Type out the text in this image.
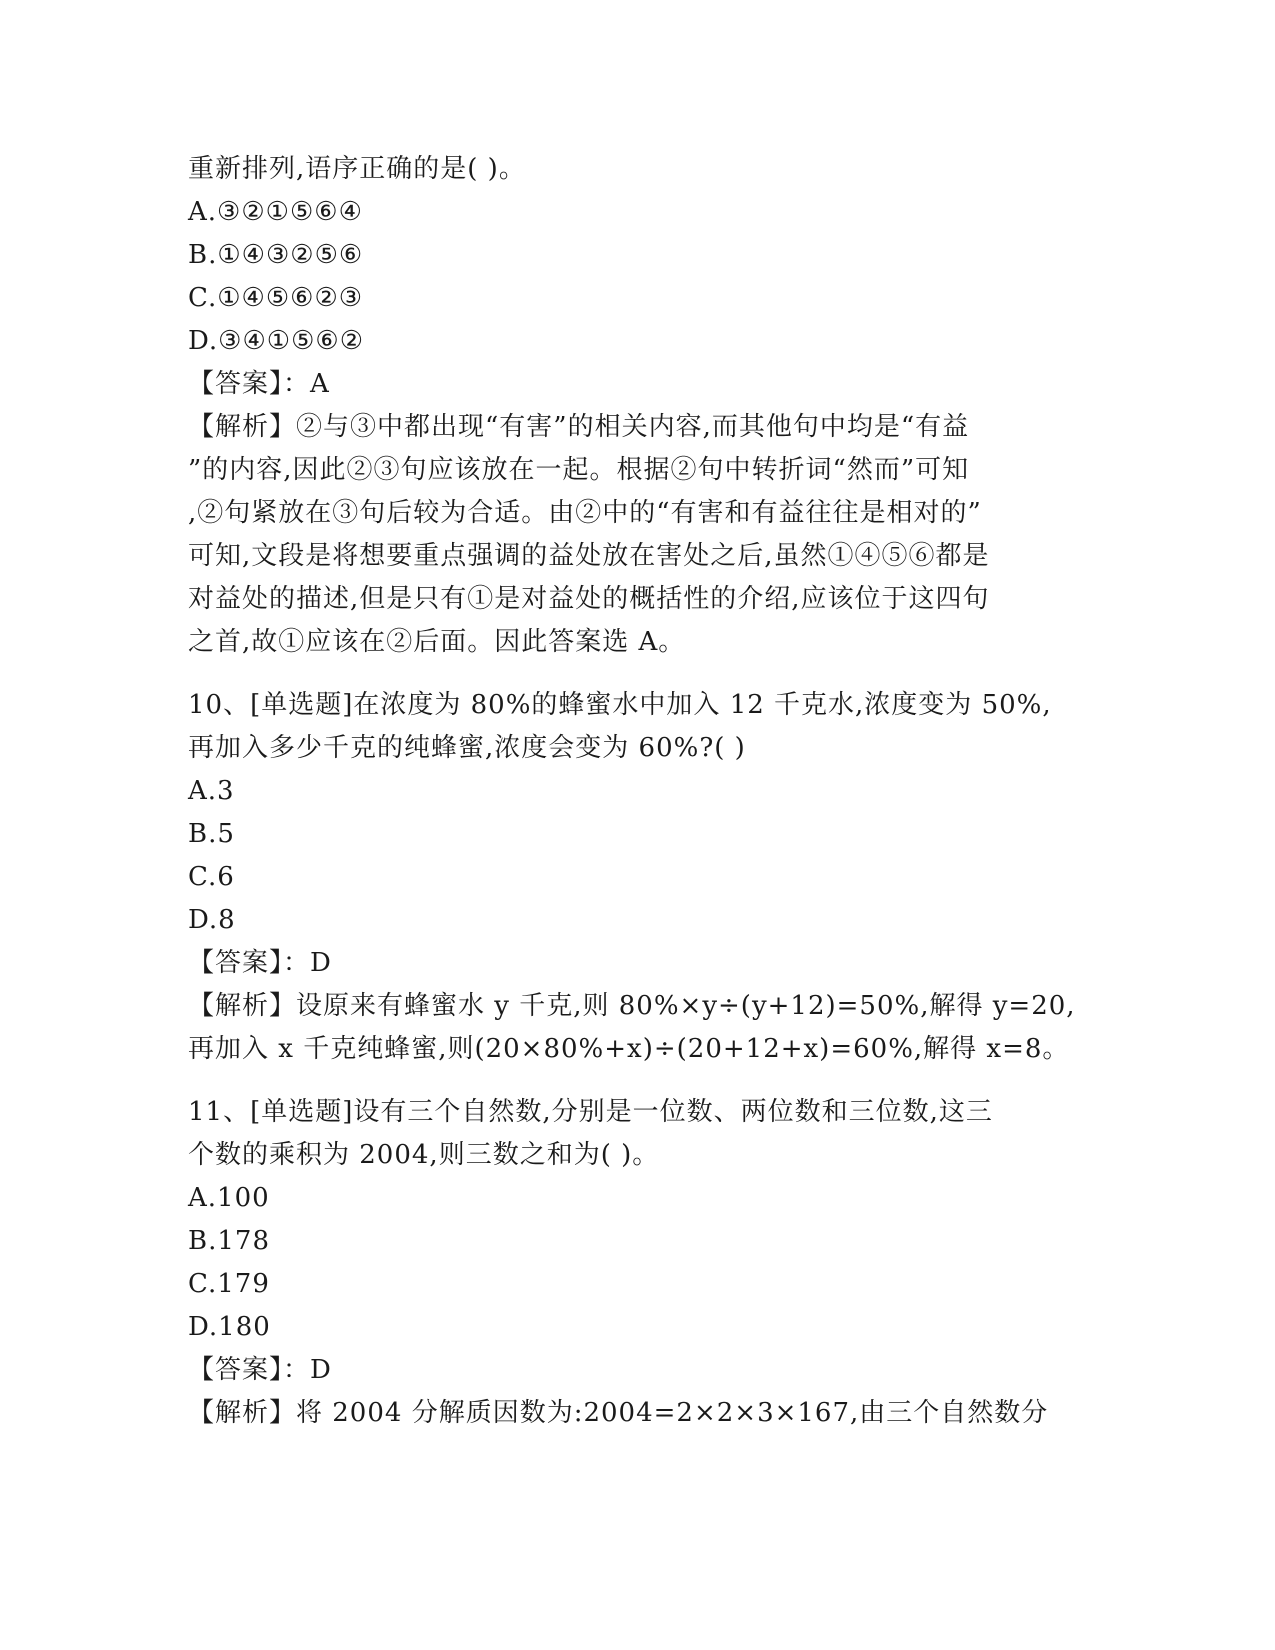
重新排列,语序正确的是( )。
A.③②①⑤⑥④
B.①④③②⑤⑥
C.①④⑤⑥②③
D.③④①⑤⑥②
【答案】：A
【解析】②与③中都出现“有害”的相关内容,而其他句中均是“有益
”的内容,因此②③句应该放在一起。根据②句中转折词“然而”可知
,②句紧放在③句后较为合适。由②中的“有害和有益往往是相对的”
可知,文段是将想要重点强调的益处放在害处之后,虽然①④⑤⑥都是
对益处的描述,但是只有①是对益处的概括性的介绍,应该位于这四句
之首,故①应该在②后面。因此答案选 A。
10、[单选题]在浓度为 80%的蜂蜜水中加入 12 千克水,浓度变为 50%,
再加入多少千克的纯蜂蜜,浓度会变为 60%?( )
A.3
B.5
C.6
D.8
【答案】：D
【解析】设原来有蜂蜜水 y 千克,则 80%×y÷(y+12)=50%,解得 y=20,
再加入 x 千克纯蜂蜜,则(20×80%+x)÷(20+12+x)=60%,解得 x=8。
11、[单选题]设有三个自然数,分别是一位数、两位数和三位数,这三
个数的乘积为 2004,则三数之和为( )。
A.100
B.178
C.179
D.180
【答案】：D
【解析】将 2004 分解质因数为:2004=2×2×3×167,由三个自然数分
